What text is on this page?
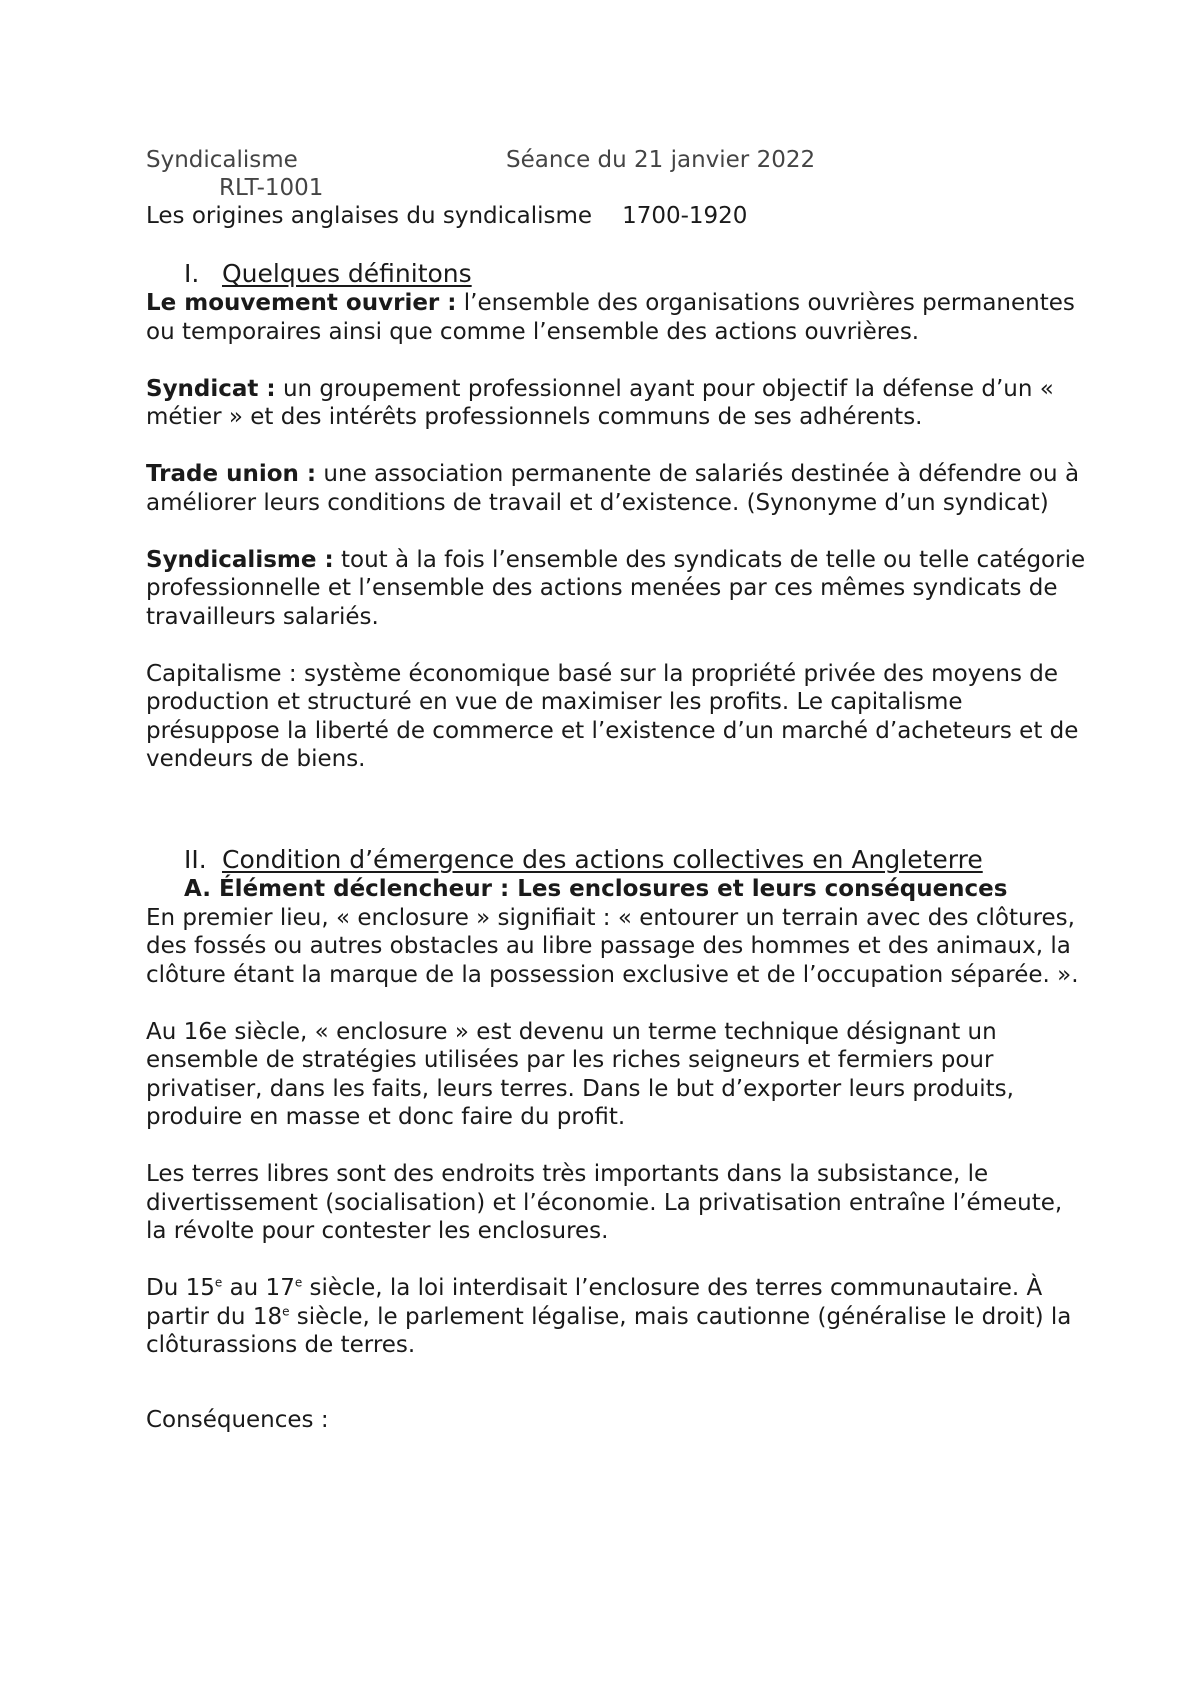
Syndicalisme	Séance du 21 janvier 2022
RLT-1001
Les origines anglaises du syndicalisme 1700-1920
I. Quelques définitons

Le mouvement ouvrier : l’ensemble des organisations ouvrières permanentes ou temporaires ainsi que comme l’ensemble des actions ouvrières.

Syndicat : un groupement professionnel ayant pour objectif la défense d’un « métier » et des intérêts professionnels communs de ses adhérents.

Trade union : une association permanente de salariés destinée à défendre ou à améliorer leurs conditions de travail et d’existence. (Synonyme d’un syndicat)

Syndicalisme : tout à la fois l’ensemble des syndicats de telle ou telle catégorie professionnelle et l’ensemble des actions menées par ces mêmes syndicats de travailleurs salariés.

Capitalisme : système économique basé sur la propriété privée des moyens de production et structuré en vue de maximiser les profits. Le capitalisme présuppose la liberté de commerce et l’existence d’un marché d’acheteurs et de vendeurs de biens.

II. Condition d’émergence des actions collectives en Angleterre
A. Élément déclencheur : Les enclosures et leurs conséquences

En premier lieu, « enclosure » signifiait : « entourer un terrain avec des clôtures, des fossés ou autres obstacles au libre passage des hommes et des animaux, la clôture étant la marque de la possession exclusive et de l’occupation séparée. ».

Au 16e siècle, « enclosure » est devenu un terme technique désignant un ensemble de stratégies utilisées par les riches seigneurs et fermiers pour privatiser, dans les faits, leurs terres. Dans le but d’exporter leurs produits, produire en masse et donc faire du profit.

Les terres libres sont des endroits très importants dans la subsistance, le divertissement (socialisation) et l’économie. La privatisation entraîne l’émeute, la révolte pour contester les enclosures.

Du 15e au 17e siècle, la loi interdisait l’enclosure des terres communautaire. À partir du 18e siècle, le parlement légalise, mais cautionne (généralise le droit) la clôturassions de terres.

Conséquences :
